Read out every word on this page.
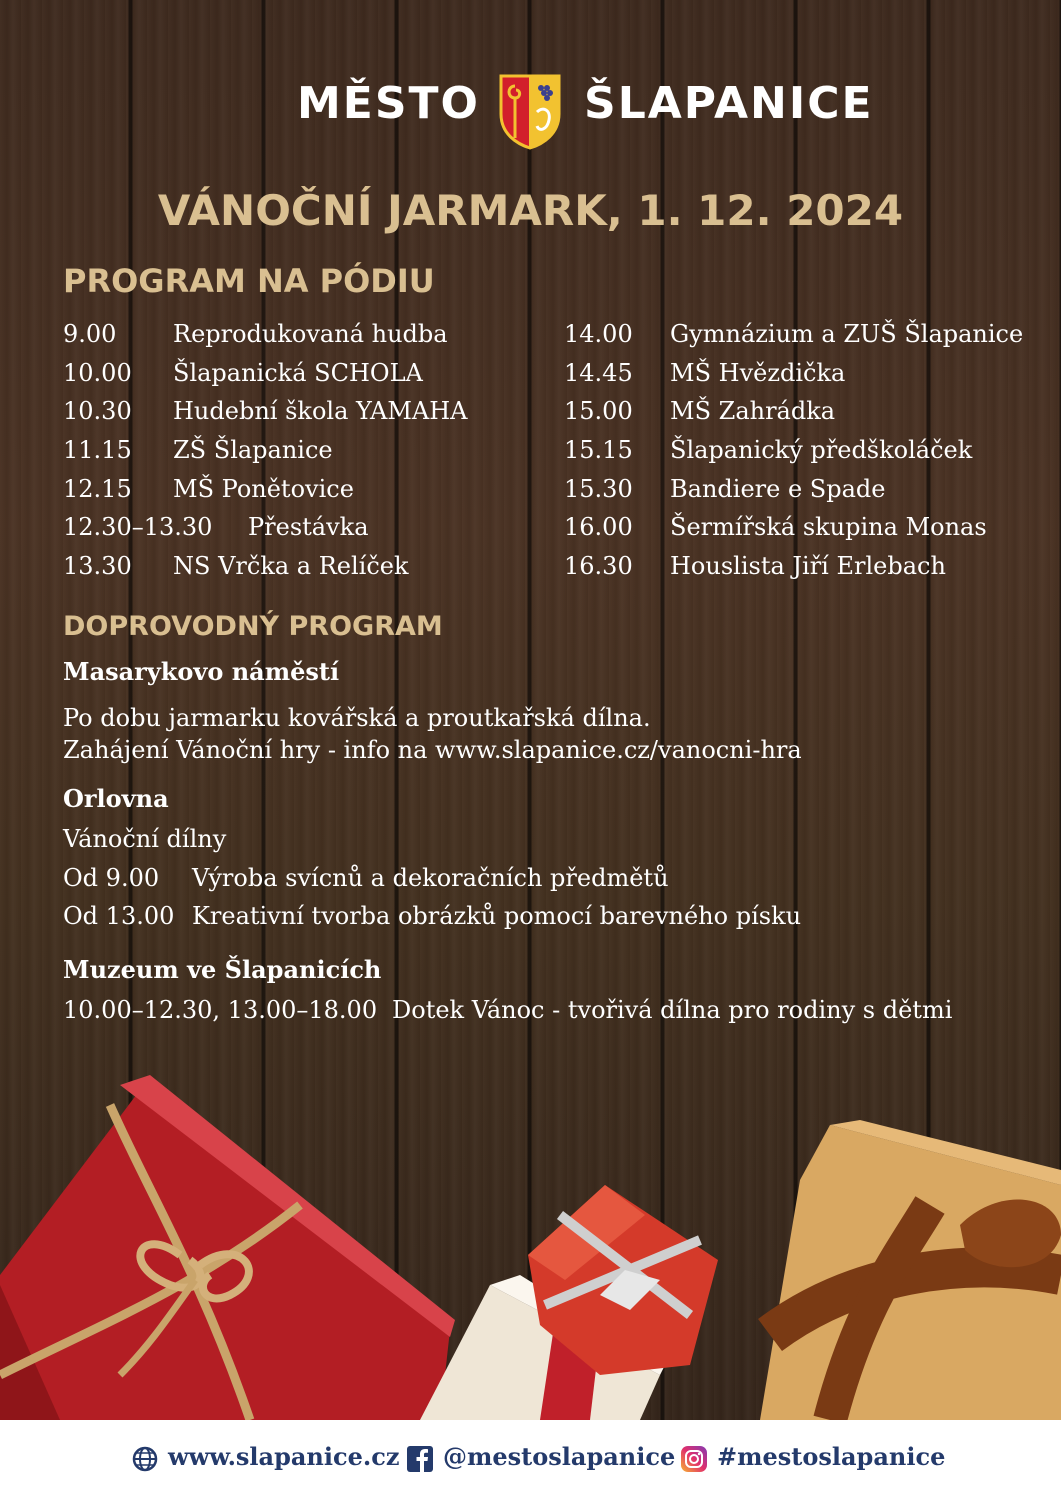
MĚSTO ŠLAPANICE
VÁNOČNÍ JARMARK, 1. 12. 2024
PROGRAM NA PÓDIU
9.00 Reprodukovaná hudba
10.00 Šlapanická SCHOLA
10.30 Hudební škola YAMAHA
11.15 ZŠ Šlapanice
12.15 MŠ Ponětovice
12.30–13.30 Přestávka
13.30 NS Vrčka a Relíček
14.00 Gymnázium a ZUŠ Šlapanice
14.45 MŠ Hvězdička
15.00 MŠ Zahrádka
15.15 Šlapanický předškoláček
15.30 Bandiere e Spade
16.00 Šermířská skupina Monas
16.30 Houslista Jiří Erlebach
DOPROVODNÝ PROGRAM
Masarykovo náměstí
Po dobu jarmarku kovářská a proutkařská dílna.
Zahájení Vánoční hry - info na www.slapanice.cz/vanocni-hra
Orlovna
Vánoční dílny
Od 9.00 Výroba svícnů a dekoračních předmětů
Od 13.00 Kreativní tvorba obrázků pomocí barevného písku
Muzeum ve Šlapanicích
10.00–12.30, 13.00–18.00 Dotek Vánoc - tvořivá dílna pro rodiny s dětmi
www.slapanice.cz @mestoslapanice #mestoslapanice
